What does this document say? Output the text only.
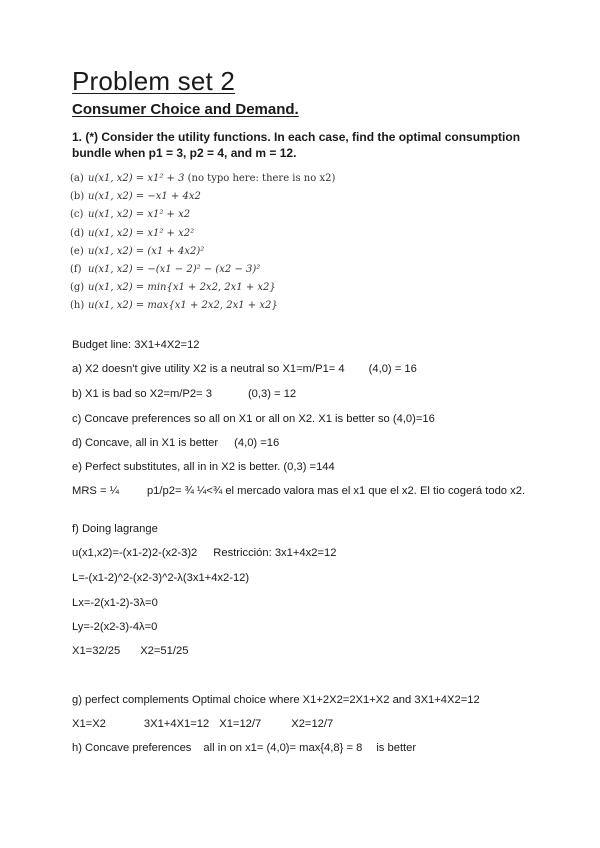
Problem set 2
Consumer Choice and Demand.
1. (*) Consider the utility functions. In each case, find the optimal consumption bundle when p1 = 3, p2 = 4, and m = 12.
(a) u(x1, x2) = x1² + 3 (no typo here: there is no x2)
(b) u(x1, x2) = −x1 + 4x2
(c) u(x1, x2) = x1² + x2
(d) u(x1, x2) = x1² + x2²
(e) u(x1, x2) = (x1 + 4x2)²
(f) u(x1, x2) = −(x1 − 2)² − (x2 − 3)²
(g) u(x1, x2) = min{x1 + 2x2, 2x1 + x2}
(h) u(x1, x2) = max{x1 + 2x2, 2x1 + x2}
Budget line: 3X1+4X2=12
a) X2 doesn't give utility X2 is a neutral so X1=m/P1= 4 (4,0) = 16
b) X1 is bad so X2=m/P2= 3	(0,3) = 12
c) Concave preferences so all on X1 or all on X2. X1 is better so (4,0)=16
d) Concave, all in X1 is better (4,0) =16
e) Perfect substitutes, all in in X2 is better. (0,3) =144
MRS = ¼	p1/p2= ¾ ¼<¾ el mercado valora mas el x1 que el x2. El tio cogerá todo x2.
f) Doing lagrange
u(x1,x2)=-(x1-2)2-(x2-3)2 Restricción: 3x1+4x2=12
L=-(x1-2)^2-(x2-3)^2-λ(3x1+4x2-12)
Lx=-2(x1-2)-3λ=0
Ly=-2(x2-3)-4λ=0
X1=32/25 X2=51/25
g) perfect complements Optimal choice where X1+2X2=2X1+X2 and 3X1+4X2=12
X1=X2	3X1+4X1=12 X1=12/7	X2=12/7
h) Concave preferences all in on x1= (4,0)= max{4,8} = 8 is better
